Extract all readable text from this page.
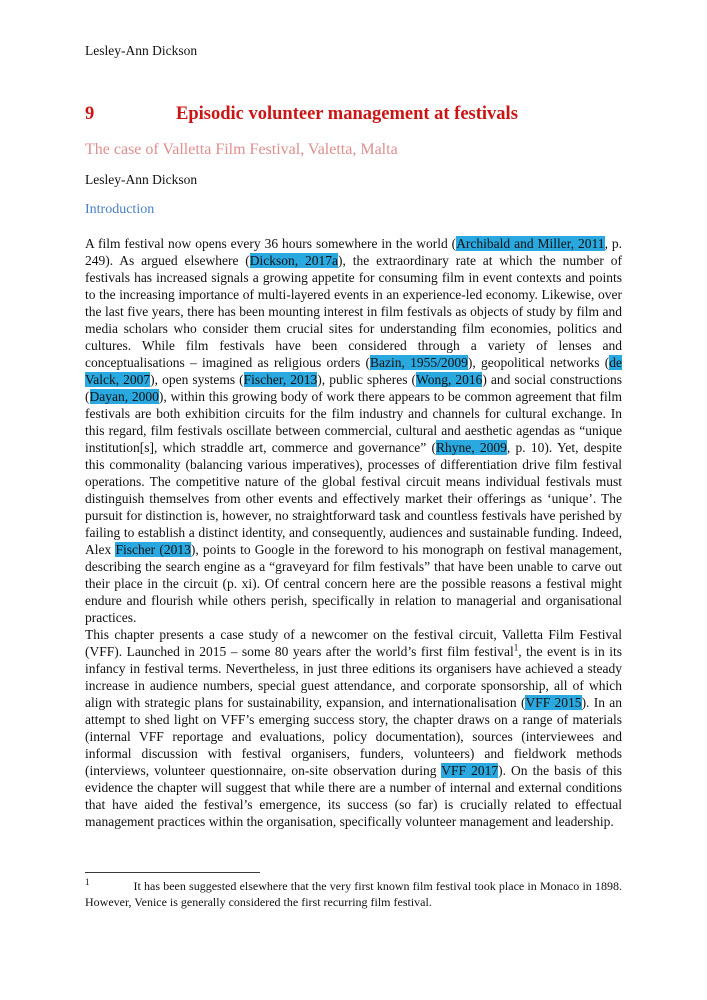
Lesley-Ann Dickson
9	Episodic volunteer management at festivals
The case of Valletta Film Festival, Valetta, Malta
Lesley-Ann Dickson
Introduction

A film festival now opens every 36 hours somewhere in the world (Archibald and Miller, 2011, p. 249). As argued elsewhere (Dickson, 2017a), the extraordinary rate at which the number of festivals has increased signals a growing appetite for consuming film in event contexts and points to the increasing importance of multi-layered events in an experience-led economy. Likewise, over the last five years, there has been mounting interest in film festivals as objects of study by film and media scholars who consider them crucial sites for understanding film economies, politics and cultures. While film festivals have been considered through a variety of lenses and conceptualisations – imagined as religious orders (Bazin, 1955/2009), geopolitical networks (de Valck, 2007), open systems (Fischer, 2013), public spheres (Wong, 2016) and social constructions (Dayan, 2000), within this growing body of work there appears to be common agreement that film festivals are both exhibition circuits for the film industry and channels for cultural exchange. In this regard, film festivals oscillate between commercial, cultural and aesthetic agendas as “unique institution[s], which straddle art, commerce and governance” (Rhyne, 2009, p. 10). Yet, despite this commonality (balancing various imperatives), processes of differentiation drive film festival operations. The competitive nature of the global festival circuit means individual festivals must distinguish themselves from other events and effectively market their offerings as ‘unique’. The pursuit for distinction is, however, no straightforward task and countless festivals have perished by failing to establish a distinct identity, and consequently, audiences and sustainable funding. Indeed, Alex Fischer (2013), points to Google in the foreword to his monograph on festival management, describing the search engine as a “graveyard for film festivals” that have been unable to carve out their place in the circuit (p. xi). Of central concern here are the possible reasons a festival might endure and flourish while others perish, specifically in relation to managerial and organisational practices.

This chapter presents a case study of a newcomer on the festival circuit, Valletta Film Festival (VFF). Launched in 2015 – some 80 years after the world’s first film festival$^1$, the event is in its infancy in festival terms. Nevertheless, in just three editions its organisers have achieved a steady increase in audience numbers, special guest attendance, and corporate sponsorship, all of which align with strategic plans for sustainability, expansion, and internationalisation (VFF 2015). In an attempt to shed light on VFF’s emerging success story, the chapter draws on a range of materials (internal VFF reportage and evaluations, policy documentation), sources (interviewees and informal discussion with festival organisers, funders, volunteers) and fieldwork methods (interviews, volunteer questionnaire, on-site observation during VFF 2017). On the basis of this evidence the chapter will suggest that while there are a number of internal and external conditions that have aided the festival’s emergence, its success (so far) is crucially related to effectual management practices within the organisation, specifically volunteer management and leadership.

$^1$	It has been suggested elsewhere that the very first known film festival took place in Monaco in 1898. However, Venice is generally considered the first recurring film festival.
